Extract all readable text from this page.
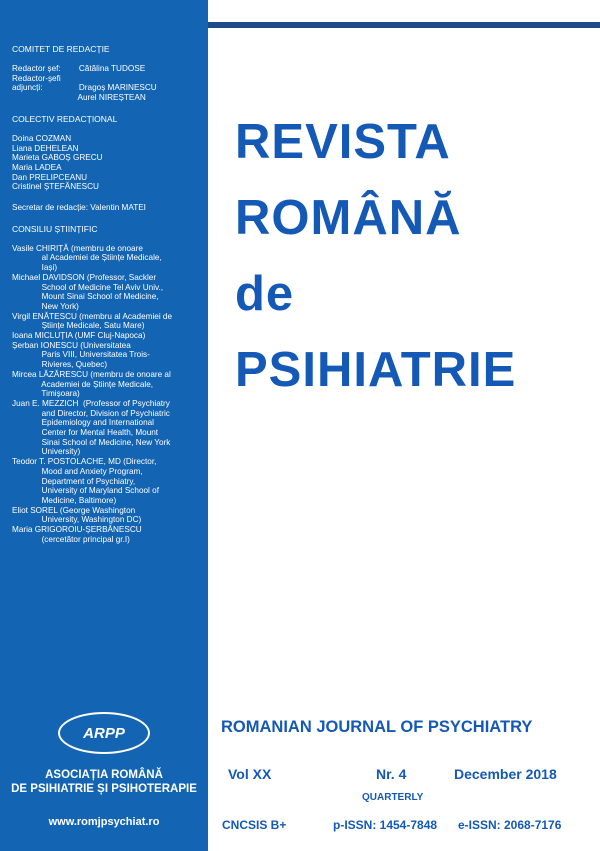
COMITET DE REDACȚIE
Redactor șef:        Cătălina TUDOSE
Redactor-șefi
adjuncți:                Dragoș MARINESCU
Aurel NIREȘTEAN
COLECTIV REDACȚIONAL
Doina COZMAN
Liana DEHELEAN
Marieta GABOȘ GRECU
Maria LADEA
Dan PRELIPCEANU
Cristinel ȘTEFĂNESCU
Secretar de redacție: Valentin MATEI
CONSILIU ȘTIINȚIFIC
Vasile CHIRIȚĂ (membru de onoare
al Academiei de Științe Medicale,
Iași)
Michael DAVIDSON (Professor, Sackler
School of Medicine Tel Aviv Univ.,
Mount Sinai School of Medicine,
New York)
Virgil ENĂTESCU (membru al Academiei de
Științe Medicale, Satu Mare)
Ioana MICLUȚIA (UMF Cluj-Napoca)
Șerban IONESCU (Universitatea
Paris VIII, Universitatea Trois-
Rivieres, Quebec)
Mircea LĂZĂRESCU (membru de onoare al
Academiei de Științe Medicale,
Timișoara)
Juan E. MEZZICH  (Professor of Psychiatry
and Director, Division of Psychiatric
Epidemiology and International
Center for Mental Health, Mount
Sinai School of Medicine, New York
University)
Teodor T. POSTOLACHE, MD (Director,
Mood and Anxiety Program,
Department of Psychiatry,
University of Maryland School of
Medicine, Baltimore)
Eliot SOREL (George Washington
University, Washington DC)
Maria GRIGOROIU-ȘERBĂNESCU
(cercetător principal gr.I)
ARPP
ASOCIAȚIA ROMÂNĂ
DE PSIHIATRIE ȘI PSIHOTERAPIE
www.romjpsychiat.ro
REVISTA
ROMÂNĂ
de
PSIHIATRIE
ROMANIAN JOURNAL OF PSYCHIATRY
Vol XX	Nr. 4	December 2018
QUARTERLY
CNCSIS B+	p-ISSN: 1454-7848 e-ISSN: 2068-7176
